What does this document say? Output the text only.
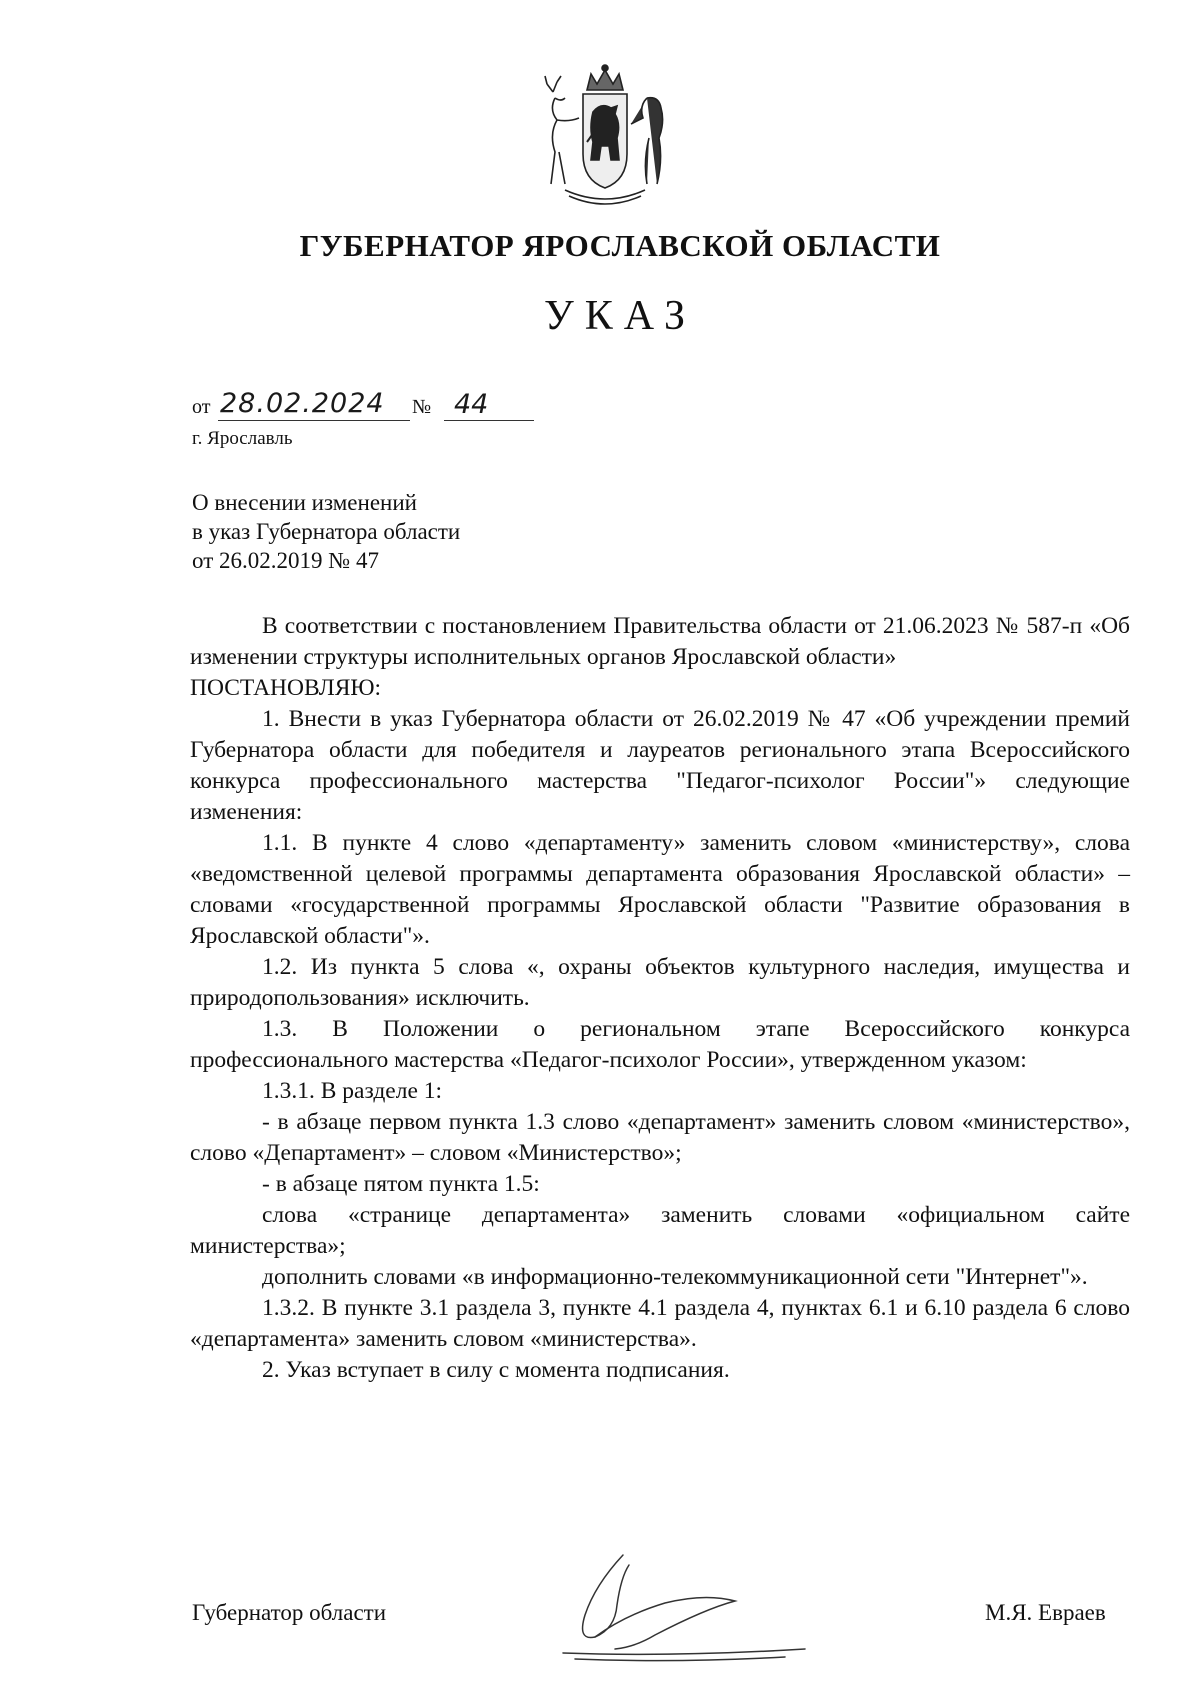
ГУБЕРНАТОР ЯРОСЛАВСКОЙ ОБЛАСТИ
УКАЗ
от 28.02.2024	№ 44
г. Ярославль
О внесении изменений
в указ Губернатора области
от 26.02.2019 № 47

В соответствии с постановлением Правительства области от 21.06.2023 № 587-п «Об изменении структуры исполнительных органов Ярославской области»

ПОСТАНОВЛЯЮ:

1. Внести в указ Губернатора области от 26.02.2019 № 47 «Об учреждении премий Губернатора области для победителя и лауреатов регионального этапа Всероссийского конкурса профессионального мастерства "Педагог-психолог России"» следующие изменения:

1.1. В пункте 4 слово «департаменту» заменить словом «министерству», слова «ведомственной целевой программы департамента образования Ярославской области» – словами «государственной программы Ярославской области "Развитие образования в Ярославской области"».

1.2. Из пункта 5 слова «, охраны объектов культурного наследия, имущества и природопользования» исключить.

1.3. В Положении о региональном этапе Всероссийского конкурса профессионального мастерства «Педагог-психолог России», утвержденном указом:

1.3.1. В разделе 1:

- в абзаце первом пункта 1.3 слово «департамент» заменить словом «министерство», слово «Департамент» – словом «Министерство»;

- в абзаце пятом пункта 1.5:

слова «странице департамента» заменить словами «официальном сайте министерства»;

дополнить словами «в информационно-телекоммуникационной сети "Интернет"».

1.3.2. В пункте 3.1 раздела 3, пункте 4.1 раздела 4, пунктах 6.1 и 6.10 раздела 6 слово «департамента» заменить словом «министерства».

2. Указ вступает в силу с момента подписания.

Губернатор области	М.Я. Евраев
